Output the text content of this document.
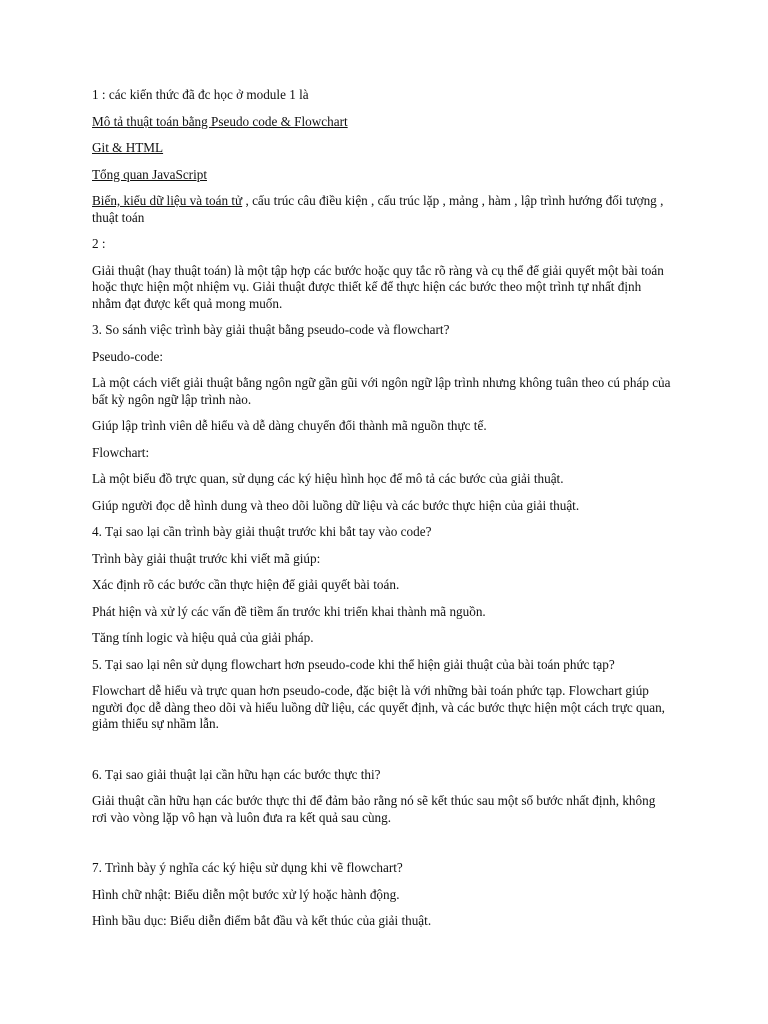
1 : các kiến thức đã đc học ở module 1 là

Mô tả thuật toán bằng Pseudo code & Flowchart

Git & HTML

Tổng quan JavaScript

Biến, kiểu dữ liệu và toán tử , cấu trúc câu điều kiện , cấu trúc lặp , mảng , hàm , lập trình hướng đối tượng , thuật toán

2 :

Giải thuật (hay thuật toán) là một tập hợp các bước hoặc quy tắc rõ ràng và cụ thể để giải quyết một bài toán hoặc thực hiện một nhiệm vụ. Giải thuật được thiết kế để thực hiện các bước theo một trình tự nhất định nhằm đạt được kết quả mong muốn.

3. So sánh việc trình bày giải thuật bằng pseudo-code và flowchart?

Pseudo-code:

Là một cách viết giải thuật bằng ngôn ngữ gần gũi với ngôn ngữ lập trình nhưng không tuân theo cú pháp của bất kỳ ngôn ngữ lập trình nào.

Giúp lập trình viên dễ hiểu và dễ dàng chuyển đổi thành mã nguồn thực tế.

Flowchart:

Là một biểu đồ trực quan, sử dụng các ký hiệu hình học để mô tả các bước của giải thuật.

Giúp người đọc dễ hình dung và theo dõi luồng dữ liệu và các bước thực hiện của giải thuật.

4. Tại sao lại cần trình bày giải thuật trước khi bắt tay vào code?

Trình bày giải thuật trước khi viết mã giúp:

Xác định rõ các bước cần thực hiện để giải quyết bài toán.

Phát hiện và xử lý các vấn đề tiềm ẩn trước khi triển khai thành mã nguồn.

Tăng tính logic và hiệu quả của giải pháp.

5. Tại sao lại nên sử dụng flowchart hơn pseudo-code khi thể hiện giải thuật của bài toán phức tạp?

Flowchart dễ hiểu và trực quan hơn pseudo-code, đặc biệt là với những bài toán phức tạp. Flowchart giúp người đọc dễ dàng theo dõi và hiểu luồng dữ liệu, các quyết định, và các bước thực hiện một cách trực quan, giảm thiểu sự nhầm lẫn.

6. Tại sao giải thuật lại cần hữu hạn các bước thực thi?

Giải thuật cần hữu hạn các bước thực thi để đảm bảo rằng nó sẽ kết thúc sau một số bước nhất định, không rơi vào vòng lặp vô hạn và luôn đưa ra kết quả sau cùng.

7. Trình bày ý nghĩa các ký hiệu sử dụng khi vẽ flowchart?

Hình chữ nhật: Biểu diễn một bước xử lý hoặc hành động.

Hình bầu dục: Biểu diễn điểm bắt đầu và kết thúc của giải thuật.
